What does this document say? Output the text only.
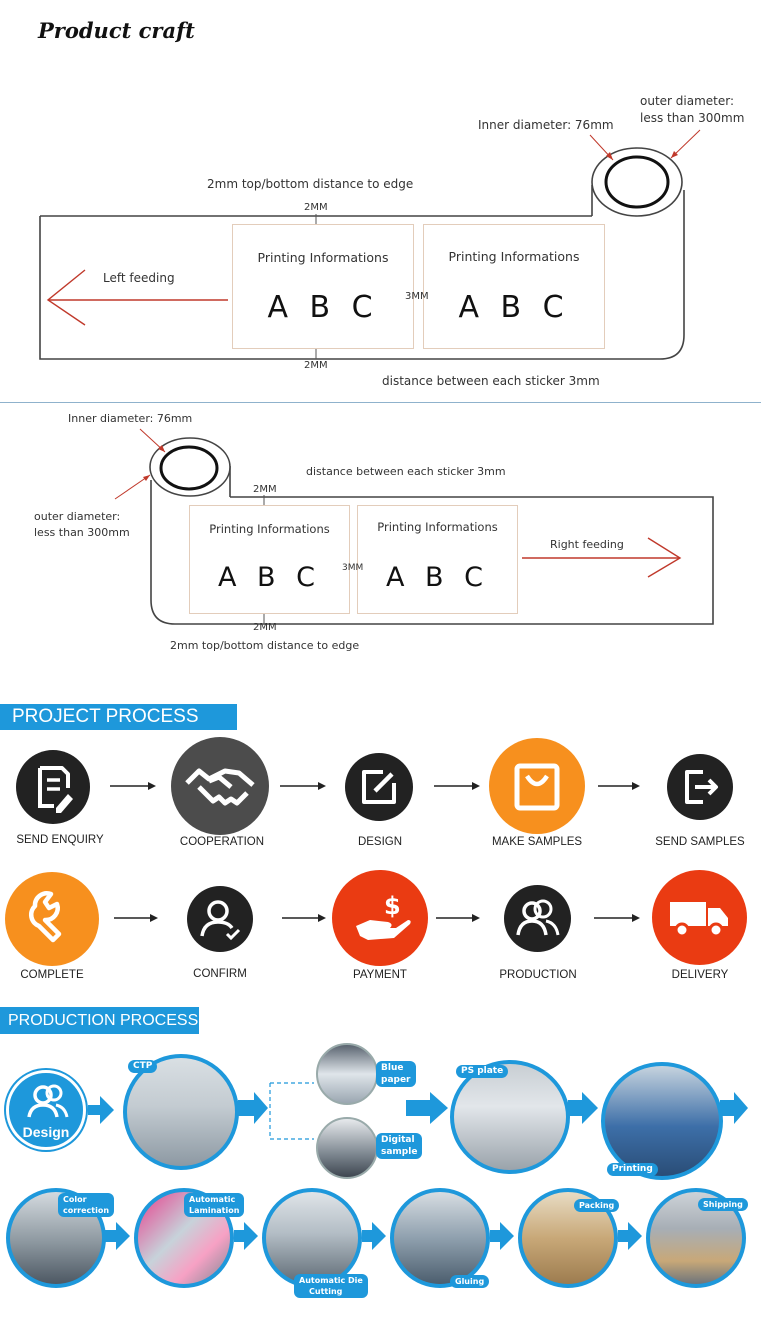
Product craft
Printing Informations
A B C
Printing Informations
A B C
Inner diameter: 76mm
outer diameter:
less than 300mm
2mm top/bottom distance to edge
2MM
2MM
3MM
Left feeding
distance between each sticker 3mm
Printing Informations
A B C
Printing Informations
A B C
Inner diameter: 76mm
outer diameter:
less than 300mm
distance between each sticker 3mm
2MM
2MM
3MM
Right feeding
2mm top/bottom distance to edge
PROJECT PROCESS
SEND ENQUIRY	COOPERATION	DESIGN	MAKE SAMPLES	SEND SAMPLES
$
COMPLETE	CONFIRM	PAYMENT	PRODUCTION	DELIVERY
PRODUCTION PROCESS
Design
CTP	Blue
paper
Digital
sample
PS plate
Printing
Color
correction
Automatic
Lamination
Automatic Die
Cutting
Gluing
Packing	Shipping
